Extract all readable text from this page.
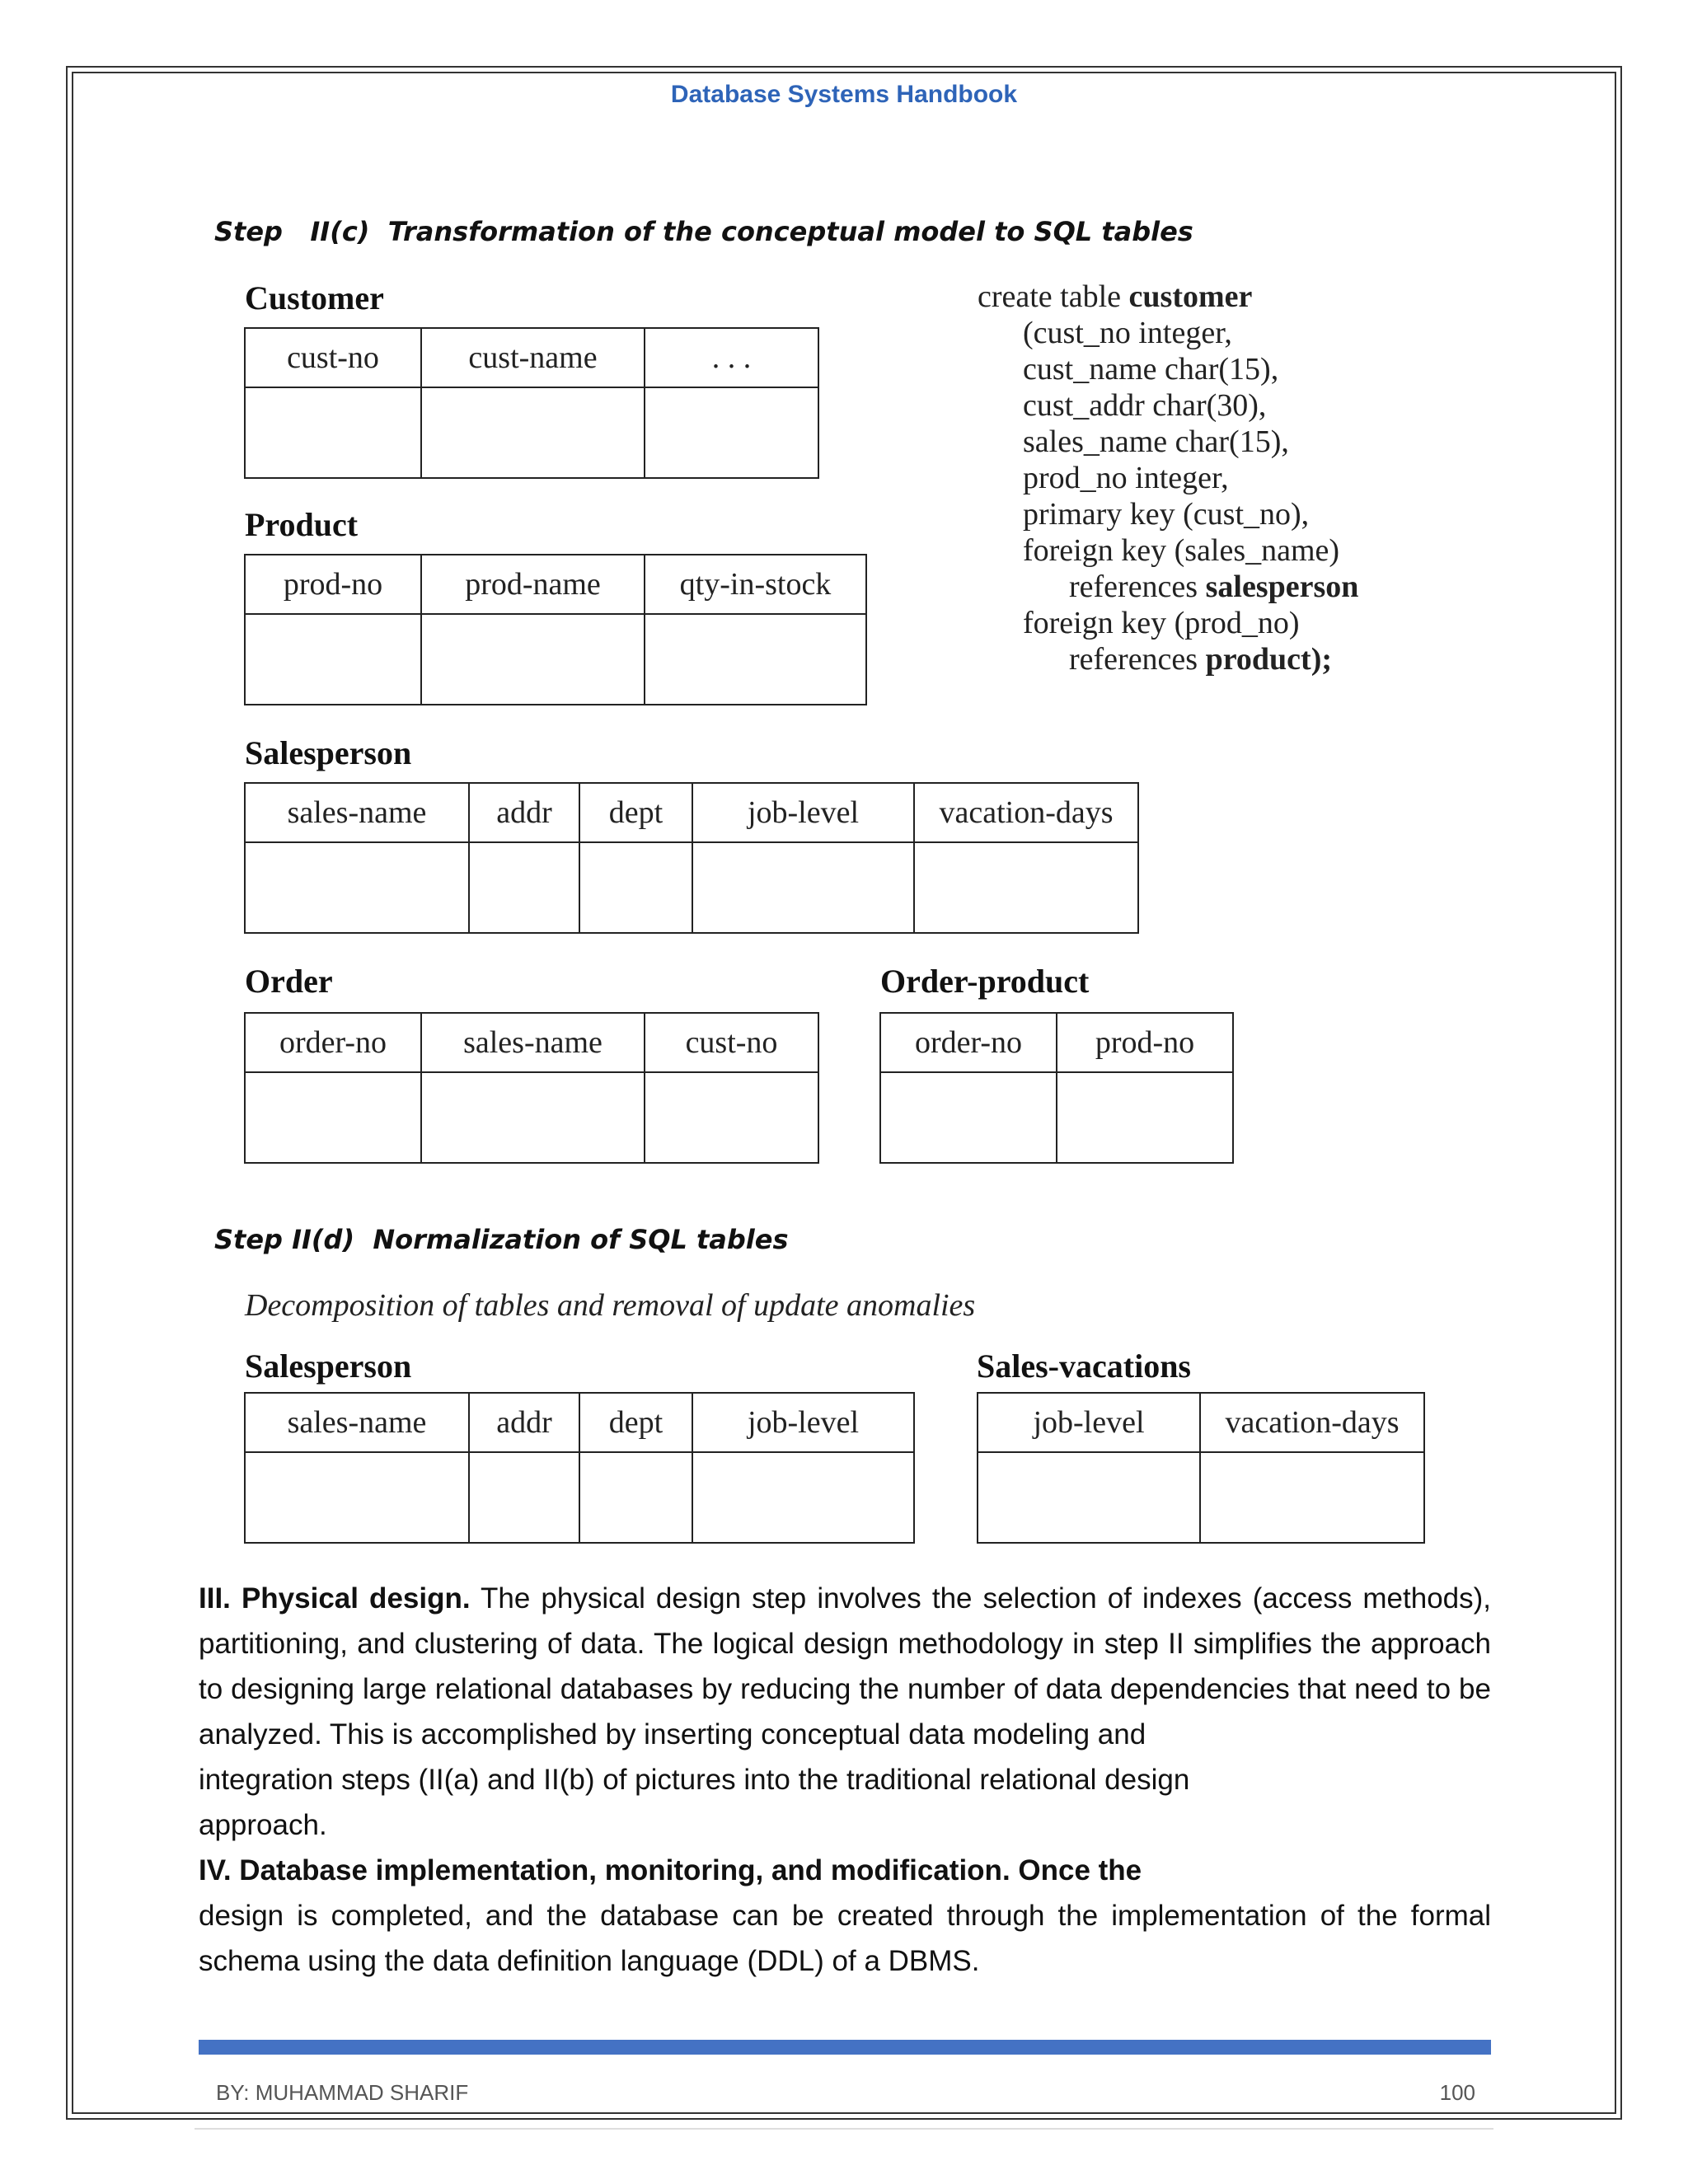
Database Systems Handbook
Step   II(c)  Transformation of the conceptual model to SQL tables
Customer
cust-no	cust-name	. . .

Product
prod-no	prod-name	qty-in-stock

create table customer
(cust_no integer,
cust_name char(15),
cust_addr char(30),
sales_name char(15),
prod_no integer,
primary key (cust_no),
foreign key (sales_name)
references salesperson
foreign key (prod_no)
references product);
Salesperson
sales-name	addr	dept	job-level	vacation-days

Order
order-no	sales-name	cust-no

Order-product
order-no	prod-no

Step II(d)  Normalization of SQL tables
Decomposition of tables and removal of update anomalies
Salesperson
sales-name	addr	dept	job-level

Sales-vacations
job-level	vacation-days

III. Physical design. The physical design step involves the selection of indexes (access methods), partitioning, and clustering of data. The logical design methodology in step II simplifies the approach to designing large relational databases by reducing the number of data dependencies that need to be analyzed. This is accomplished by inserting conceptual data modeling and

integration steps (II(a) and II(b) of pictures into the traditional relational design

approach.

IV. Database implementation, monitoring, and modification. Once the

design is completed, and the database can be created through the implementation of the formal schema using the data definition language (DDL) of a DBMS.

BY: MUHAMMAD SHARIF	100
